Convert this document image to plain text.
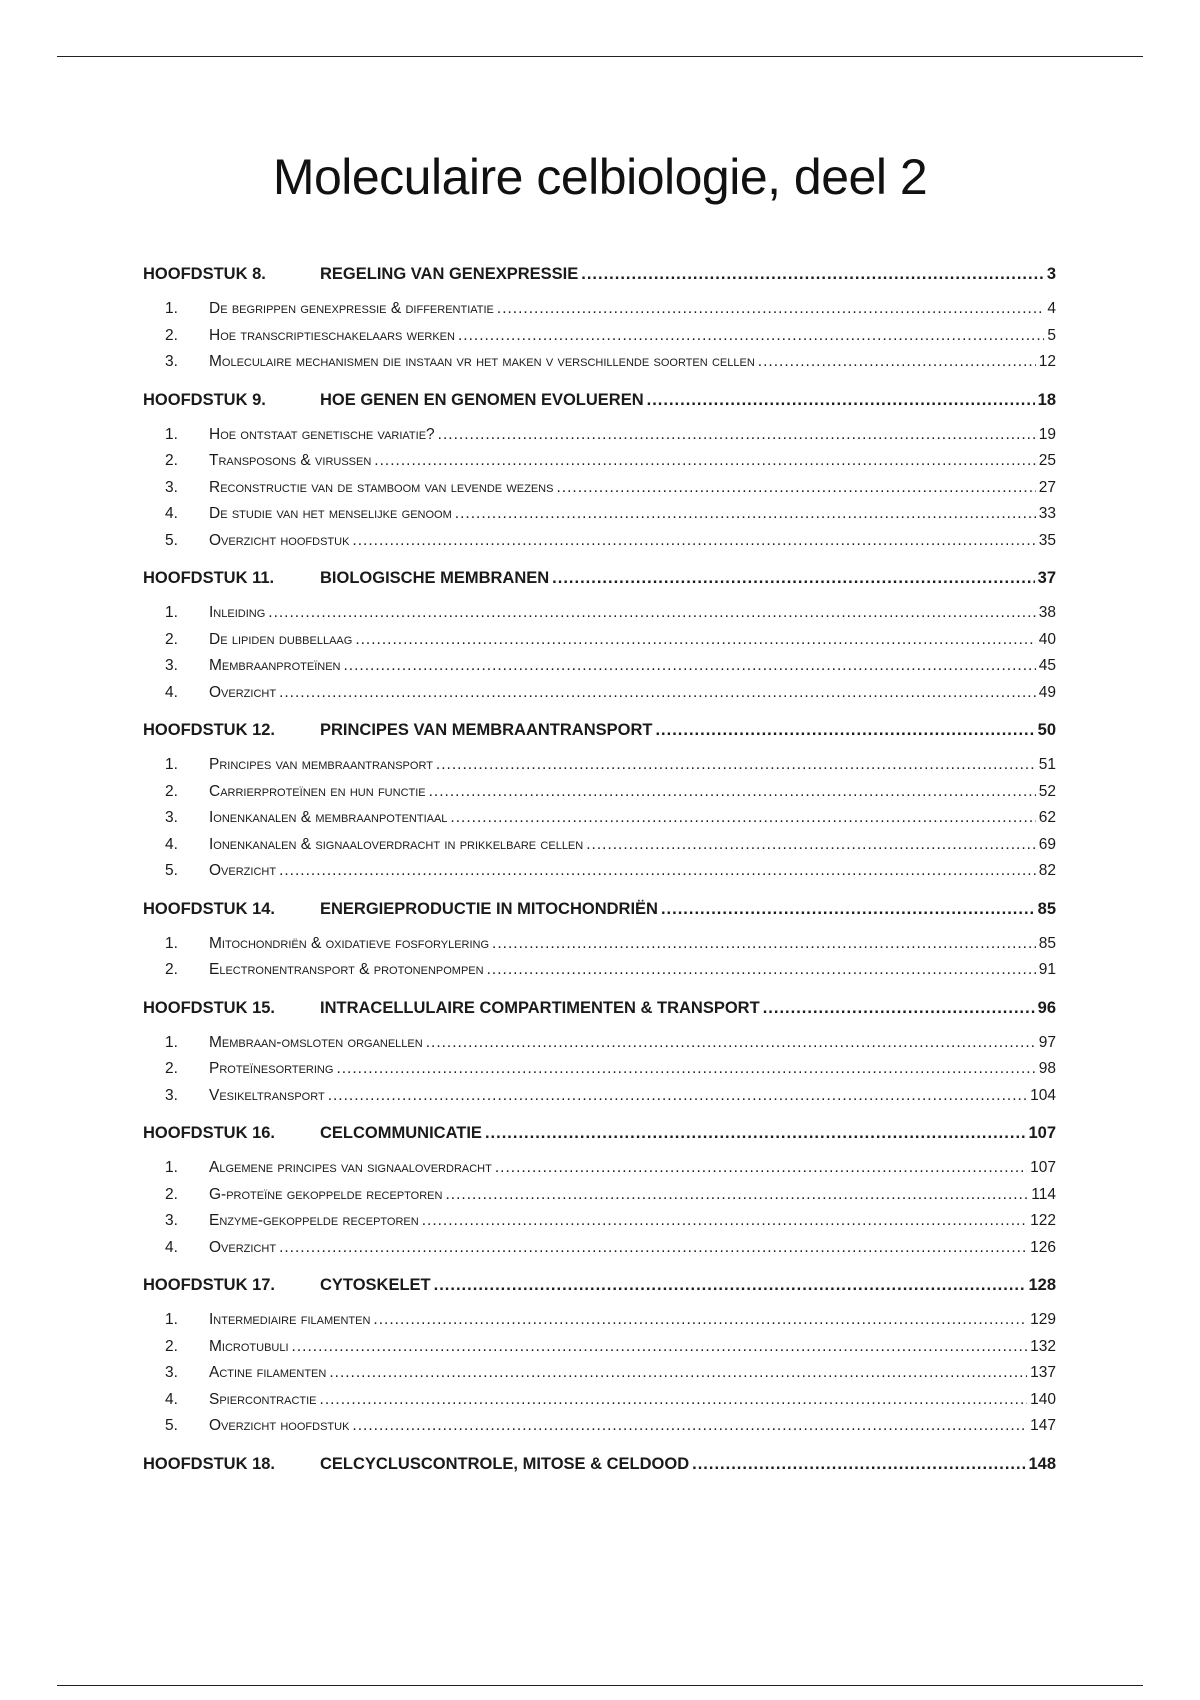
Moleculaire celbiologie, deel 2
HOOFDSTUK 8.	REGELING VAN GENEXPRESSIE .....	3
1.	De begrippen genexpressie & differentiatie .....	4
2.	Hoe transcriptieschakelaars werken .....	5
3.	Moleculaire mechanismen die instaan vr het maken v verschillende soorten cellen .....	12
HOOFDSTUK 9.	HOE GENEN EN GENOMEN EVOLUEREN .....	18
1.	Hoe ontstaat genetische variatie? .....	19
2.	Transposons & virussen .....	25
3.	Reconstructie van de stamboom van levende wezens .....	27
4.	De studie van het menselijke genoom .....	33
5.	Overzicht hoofdstuk .....	35
HOOFDSTUK 11.	BIOLOGISCHE MEMBRANEN .....	37
1.	Inleiding .....	38
2.	De lipiden dubbellaag .....	40
3.	Membraanproteïnen .....	45
4.	Overzicht .....	49
HOOFDSTUK 12.	PRINCIPES VAN MEMBRAANTRANSPORT .....	50
1.	Principes van membraantransport .....	51
2.	Carrierproteïnen en hun functie .....	52
3.	Ionenkanalen & membraanpotentiaal .....	62
4.	Ionenkanalen & signaaloverdracht in prikkelbare cellen .....	69
5.	Overzicht .....	82
HOOFDSTUK 14.	ENERGIEPRODUCTIE IN MITOCHONDRIËN .....	85
1.	Mitochondriën & oxidatieve fosforylering .....	85
2.	Electronentransport & protonenpompen .....	91
HOOFDSTUK 15.	INTRACELLULAIRE COMPARTIMENTEN & TRANSPORT .....	96
1.	Membraan-omsloten organellen .....	97
2.	Proteïnesortering .....	98
3.	Vesikeltransport .....	104
HOOFDSTUK 16.	CELCOMMUNICATIE .....	107
1.	Algemene principes van signaaloverdracht .....	107
2.	G-proteïne gekoppelde receptoren .....	114
3.	Enzyme-gekoppelde receptoren .....	122
4.	Overzicht .....	126
HOOFDSTUK 17.	CYTOSKELET .....	128
1.	Intermediaire filamenten .....	129
2.	Microtubuli .....	132
3.	Actine filamenten .....	137
4.	Spiercontractie .....	140
5.	Overzicht hoofdstuk .....	147
HOOFDSTUK 18.	CELCYCLUSCONTROLE, MITOSE & CELDOOD .....	148
